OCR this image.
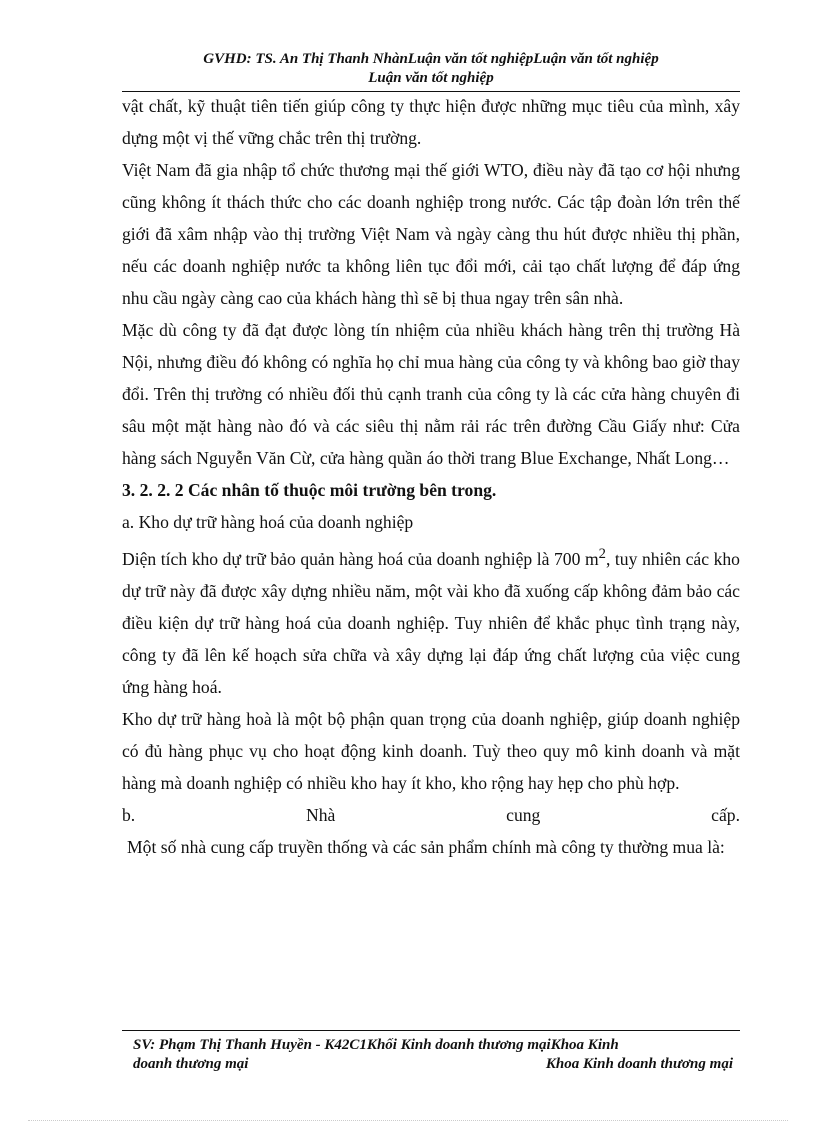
GVHD: TS. An Thị Thanh NhànLuận văn tốt nghiệpLuận văn tốt nghiệp
Luận văn tốt nghiệp

vật chất, kỹ thuật tiên tiến giúp công ty thực hiện được những mục tiêu của mình, xây dựng một vị thế vững chắc trên thị trường.

Việt Nam đã gia nhập tổ chức thương mại thế giới WTO, điều này đã tạo cơ hội nhưng cũng không ít thách thức cho các doanh nghiệp trong nước. Các tập đoàn lớn trên thế giới đã xâm nhập vào thị trường Việt Nam và ngày càng thu hút được nhiều thị phần, nếu các doanh nghiệp nước ta không liên tục đổi mới, cải tạo chất lượng để đáp ứng nhu cầu ngày càng cao của khách hàng thì sẽ bị thua ngay trên sân nhà.

Mặc dù công ty đã đạt được lòng tín nhiệm của nhiều khách hàng trên thị trường Hà Nội, nhưng điều đó không có nghĩa họ chỉ mua hàng của công ty và không bao giờ thay đổi. Trên thị trường có nhiều đối thủ cạnh tranh của công ty là các cửa hàng chuyên đi sâu một mặt hàng nào đó và các siêu thị nằm rải rác trên đường Cầu Giấy như: Cửa hàng sách Nguyễn Văn Cừ, cửa hàng quần áo thời trang Blue Exchange, Nhất Long…

3. 2. 2. 2 Các nhân tố thuộc môi trường bên trong.

a. Kho dự trữ hàng hoá của doanh nghiệp

Diện tích kho dự trữ bảo quản hàng hoá của doanh nghiệp là 700 $m^2$, tuy nhiên các kho dự trữ này đã được xây dựng nhiều năm, một vài kho đã xuống cấp không đảm bảo các điều kiện dự trữ hàng hoá của doanh nghiệp. Tuy nhiên để khắc phục tình trạng này, công ty đã lên kế hoạch sửa chữa và xây dựng lại đáp ứng chất lượng của việc cung ứng hàng hoá.

Kho dự trữ hàng hoà là một bộ phận quan trọng của doanh nghiệp, giúp doanh nghiệp có đủ hàng phục vụ cho hoạt động kinh doanh. Tuỳ theo quy mô kinh doanh và mặt hàng mà doanh nghiệp có nhiều kho hay ít kho, kho rộng hay hẹp cho phù hợp.

b.	Nhà	cung	cấp.

Một số nhà cung cấp truyền thống và các sản phẩm chính mà công ty thường mua là:

SV: Phạm Thị Thanh Huyền - K42C1Khối Kinh doanh thương mạiKhoa Kinh
doanh thương mại	Khoa Kinh doanh thương mại
